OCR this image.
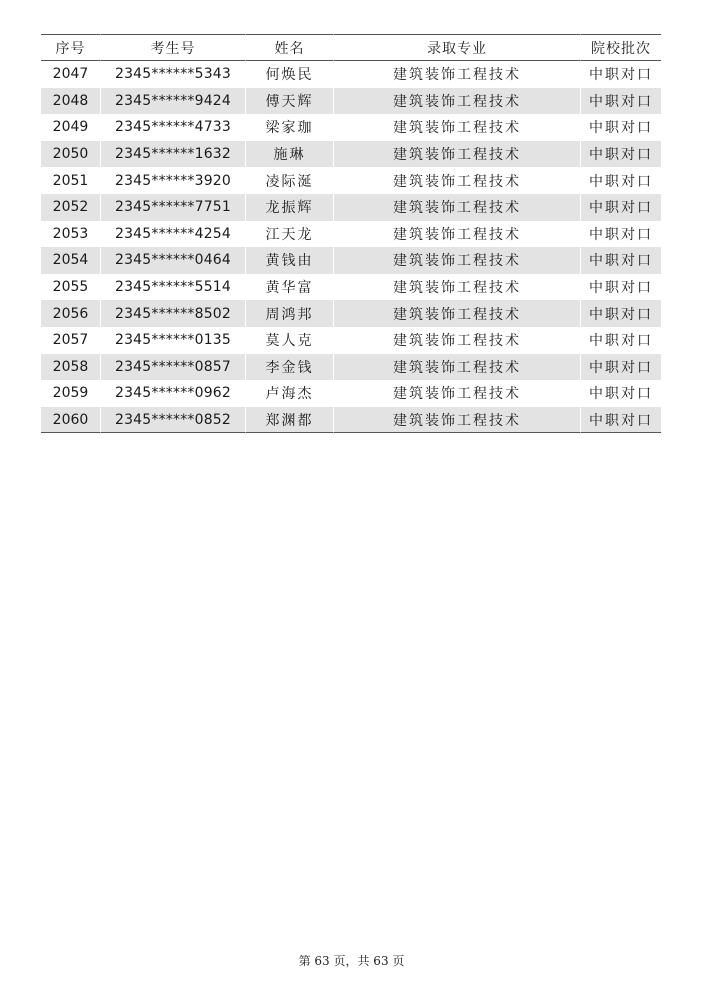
序号	考生号	姓名	录取专业	院校批次
2047	2345******5343	何焕民	建筑装饰工程技术	中职对口
2048	2345******9424	傅天辉	建筑装饰工程技术	中职对口
2049	2345******4733	梁家珈	建筑装饰工程技术	中职对口
2050	2345******1632	施琳	建筑装饰工程技术	中职对口
2051	2345******3920	凌际涎	建筑装饰工程技术	中职对口
2052	2345******7751	龙振辉	建筑装饰工程技术	中职对口
2053	2345******4254	江天龙	建筑装饰工程技术	中职对口
2054	2345******0464	黄钱由	建筑装饰工程技术	中职对口
2055	2345******5514	黄华富	建筑装饰工程技术	中职对口
2056	2345******8502	周鸿邦	建筑装饰工程技术	中职对口
2057	2345******0135	莫人克	建筑装饰工程技术	中职对口
2058	2345******0857	李金钱	建筑装饰工程技术	中职对口
2059	2345******0962	卢海杰	建筑装饰工程技术	中职对口
2060	2345******0852	郑渊都	建筑装饰工程技术	中职对口
第 63 页，共 63 页
